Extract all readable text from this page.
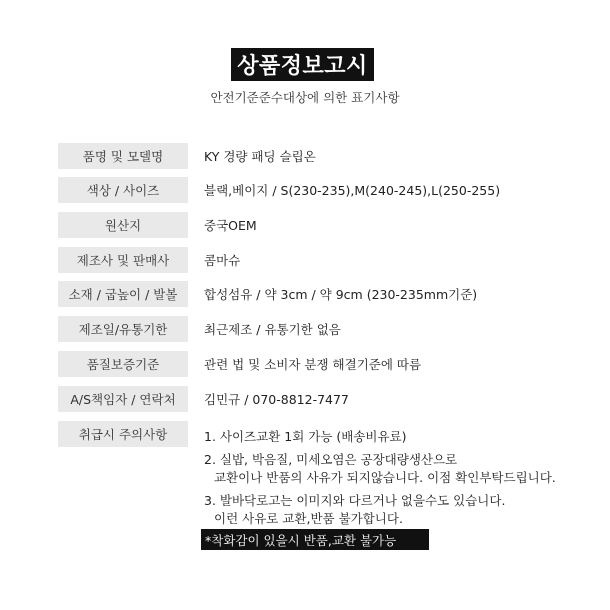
상품정보고시
안전기준준수대상에 의한 표기사항
품명 및 모델명	KY 경량 패딩 슬립온
색상 / 사이즈	블랙,베이지 / S(230-235),M(240-245),L(250-255)
원산지	중국OEM
제조사 및 판매사	콤마슈
소재 / 굽높이 / 발볼	합성섬유 / 약 3cm / 약 9cm (230-235mm기준)
제조일/유통기한	최근제조 / 유통기한 없음
품질보증기준	관련 법 및 소비자 분쟁 해결기준에 따름
A/S책임자 / 연락처	김민규 / 070-8812-7477
취급시 주의사항	1. 사이즈교환 1회 가능 (배송비유료)
2. 실밥, 박음질, 미세오염은 공장대량생산으로
교환이나 반품의 사유가 되지않습니다. 이점 확인부탁드립니다.
3. 발바닥로고는 이미지와 다르거나 없을수도 있습니다.
이런 사유로 교환,반품 불가합니다.
*착화감이 있을시 반품,교환 불가능
